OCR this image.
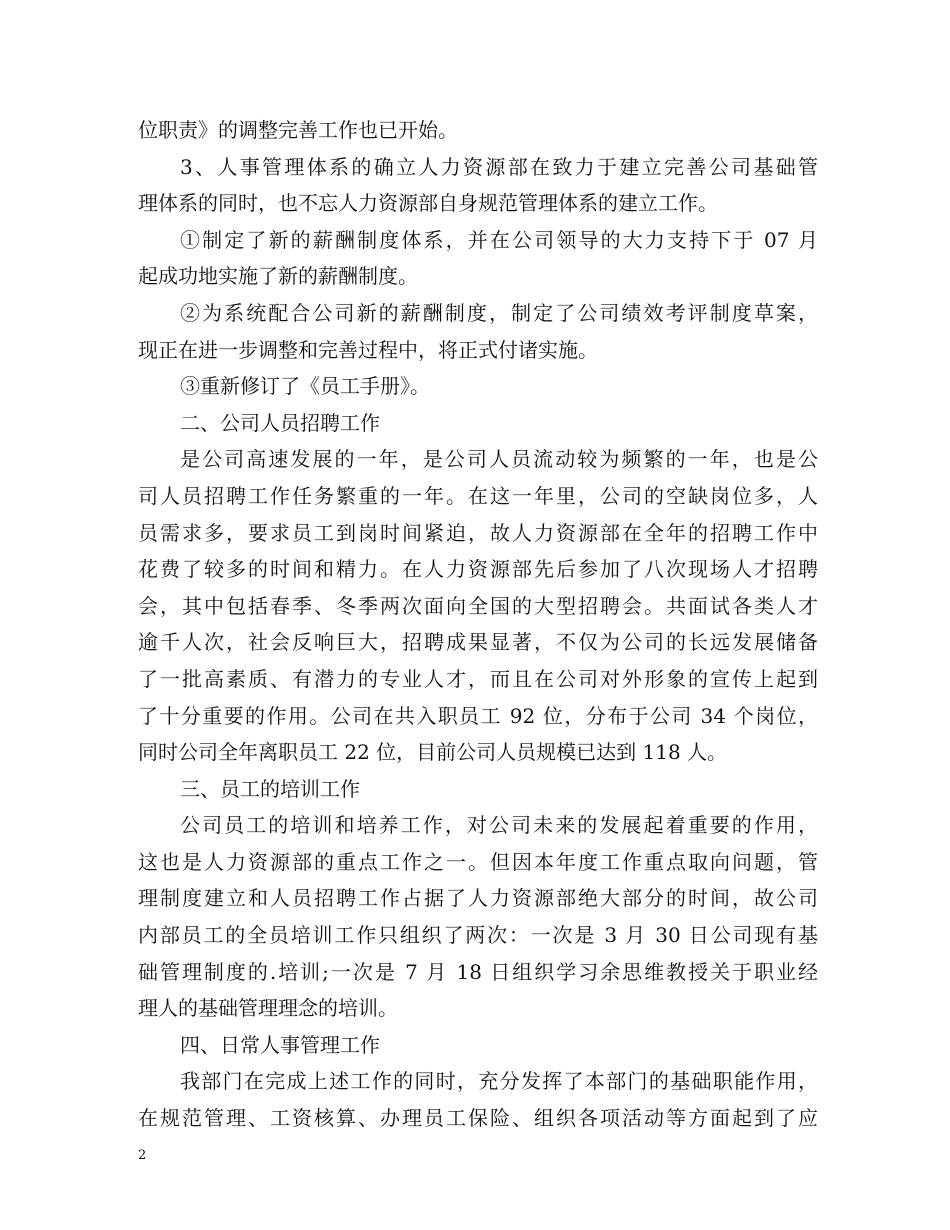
位职责》的调整完善工作也已开始。
3、人事管理体系的确立人力资源部在致力于建立完善公司基础管
理体系的同时，也不忘人力资源部自身规范管理体系的建立工作。
①制定了新的薪酬制度体系，并在公司领导的大力支持下于 07 月
起成功地实施了新的薪酬制度。
②为系统配合公司新的薪酬制度，制定了公司绩效考评制度草案，
现正在进一步调整和完善过程中，将正式付诸实施。
③重新修订了《员工手册》。
二、公司人员招聘工作
是公司高速发展的一年，是公司人员流动较为频繁的一年，也是公
司人员招聘工作任务繁重的一年。在这一年里，公司的空缺岗位多，人
员需求多，要求员工到岗时间紧迫，故人力资源部在全年的招聘工作中
花费了较多的时间和精力。在人力资源部先后参加了八次现场人才招聘
会，其中包括春季、冬季两次面向全国的大型招聘会。共面试各类人才
逾千人次，社会反响巨大，招聘成果显著，不仅为公司的长远发展储备
了一批高素质、有潜力的专业人才，而且在公司对外形象的宣传上起到
了十分重要的作用。公司在共入职员工 92 位，分布于公司 34 个岗位，
同时公司全年离职员工 22 位，目前公司人员规模已达到 118 人。
三、员工的培训工作
公司员工的培训和培养工作，对公司未来的发展起着重要的作用，
这也是人力资源部的重点工作之一。但因本年度工作重点取向问题，管
理制度建立和人员招聘工作占据了人力资源部绝大部分的时间，故公司
内部员工的全员培训工作只组织了两次：一次是 3 月 30 日公司现有基
础管理制度的.培训;一次是 7 月 18 日组织学习余思维教授关于职业经
理人的基础管理理念的培训。
四、日常人事管理工作
我部门在完成上述工作的同时，充分发挥了本部门的基础职能作用，
在规范管理、工资核算、办理员工保险、组织各项活动等方面起到了应
2
